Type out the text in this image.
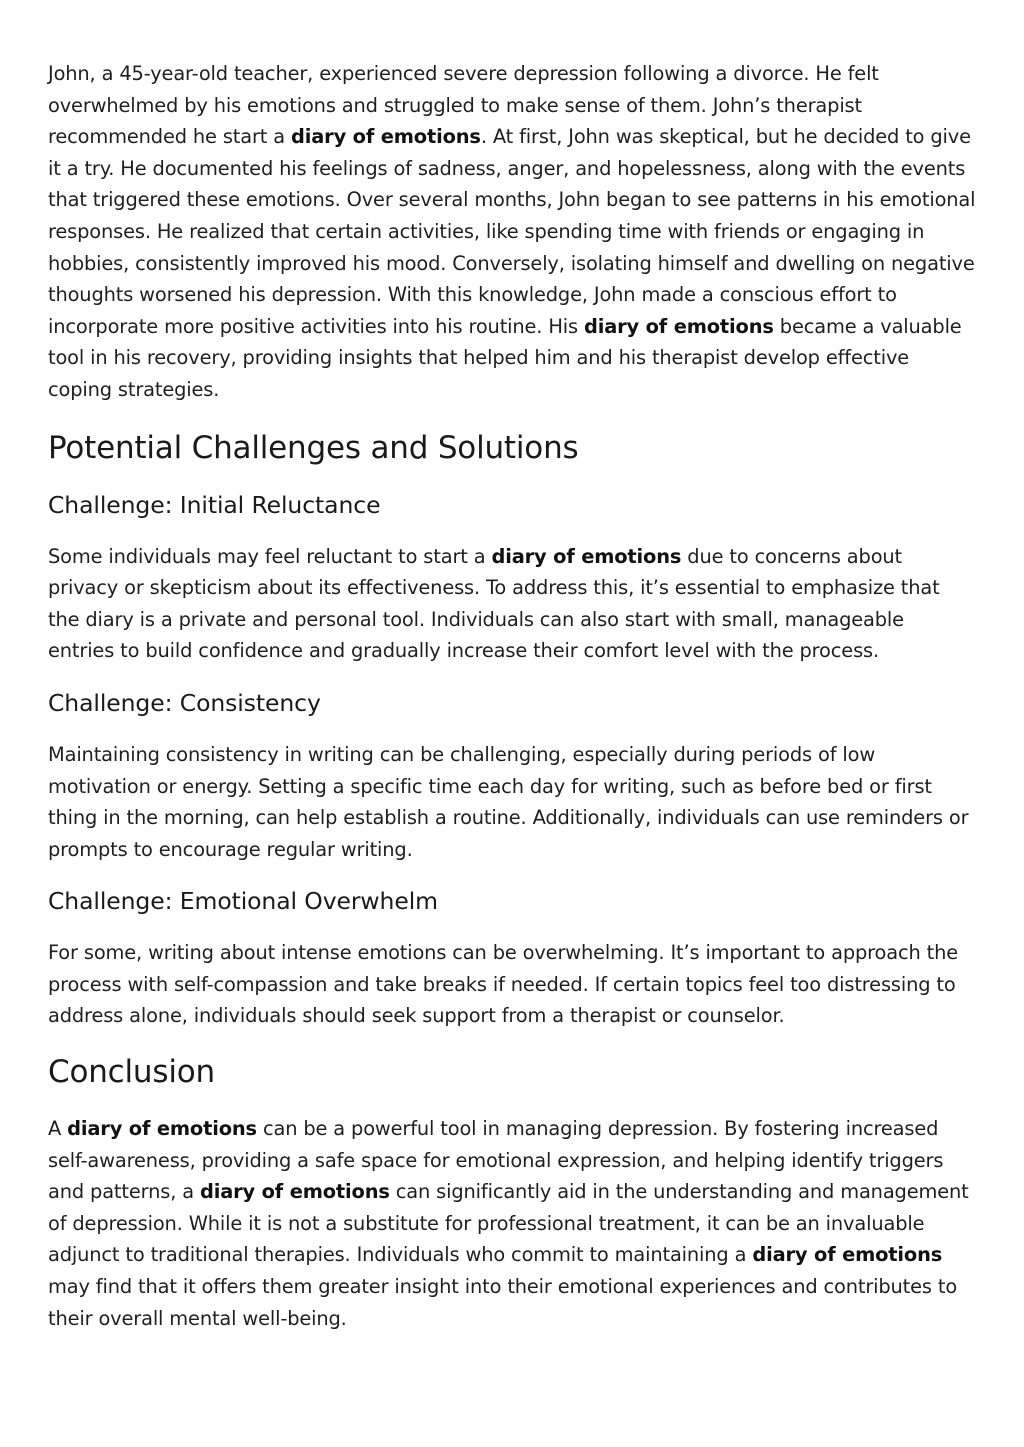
John, a 45-year-old teacher, experienced severe depression following a divorce. He felt overwhelmed by his emotions and struggled to make sense of them. John’s therapist recommended he start a diary of emotions. At first, John was skeptical, but he decided to give it a try. He documented his feelings of sadness, anger, and hopelessness, along with the events that triggered these emotions. Over several months, John began to see patterns in his emotional responses. He realized that certain activities, like spending time with friends or engaging in hobbies, consistently improved his mood. Conversely, isolating himself and dwelling on negative thoughts worsened his depression. With this knowledge, John made a conscious effort to incorporate more positive activities into his routine. His diary of emotions became a valuable tool in his recovery, providing insights that helped him and his therapist develop effective coping strategies.

Potential Challenges and Solutions
Challenge: Initial Reluctance

Some individuals may feel reluctant to start a diary of emotions due to concerns about privacy or skepticism about its effectiveness. To address this, it’s essential to emphasize that the diary is a private and personal tool. Individuals can also start with small, manageable entries to build confidence and gradually increase their comfort level with the process.

Challenge: Consistency

Maintaining consistency in writing can be challenging, especially during periods of low motivation or energy. Setting a specific time each day for writing, such as before bed or first thing in the morning, can help establish a routine. Additionally, individuals can use reminders or prompts to encourage regular writing.

Challenge: Emotional Overwhelm

For some, writing about intense emotions can be overwhelming. It’s important to approach the process with self-compassion and take breaks if needed. If certain topics feel too distressing to address alone, individuals should seek support from a therapist or counselor.

Conclusion

A diary of emotions can be a powerful tool in managing depression. By fostering increased self-awareness, providing a safe space for emotional expression, and helping identify triggers and patterns, a diary of emotions can significantly aid in the understanding and management of depression. While it is not a substitute for professional treatment, it can be an invaluable adjunct to traditional therapies. Individuals who commit to maintaining a diary of emotions may find that it offers them greater insight into their emotional experiences and contributes to their overall mental well-being.
